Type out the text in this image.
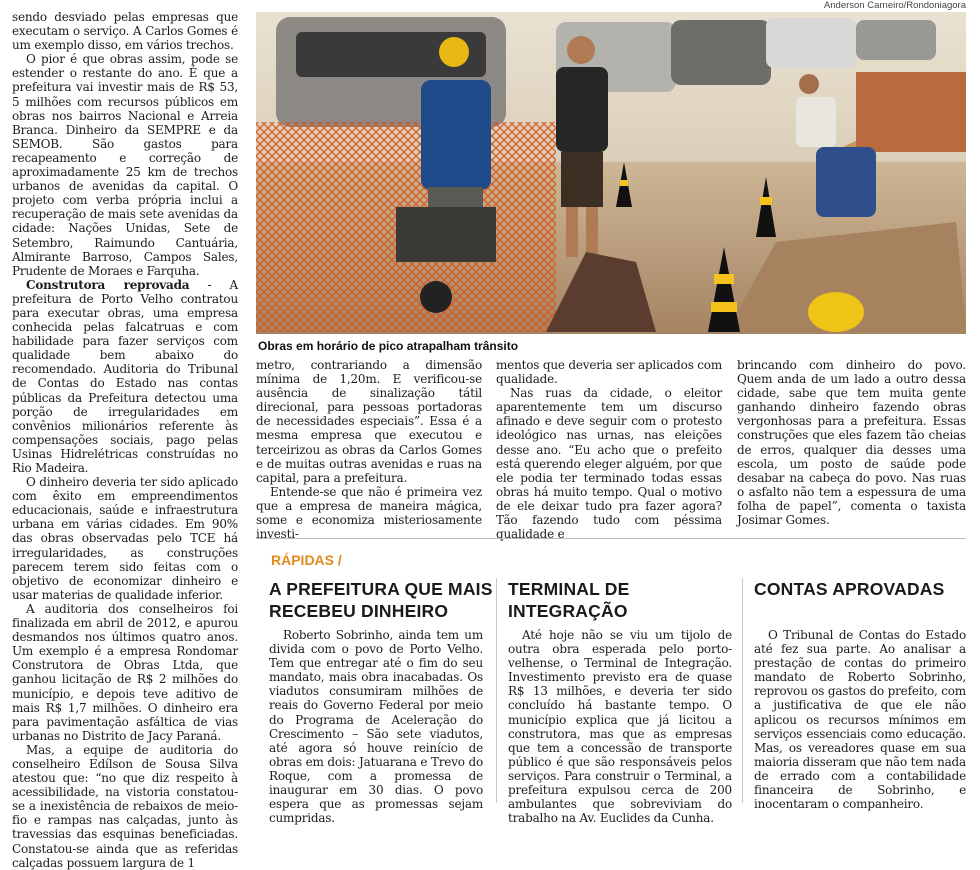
sendo desviado pelas empresas que executam o serviço. A Carlos Gomes é um exemplo disso, em vários trechos.

O pior é que obras assim, pode se estender o restante do ano. É que a prefeitura vai investir mais de R$ 53, 5 milhões com recursos públicos em obras nos bairros Nacional e Arreia Branca. Dinheiro da SEMPRE e da SEMOB. São gastos para recapeamento e correção de aproximadamente 25 km de trechos urbanos de avenidas da capital. O projeto com verba própria inclui a recuperação de mais sete avenidas da cidade: Nações Unidas, Sete de Setembro, Raimundo Cantuária, Almirante Barroso, Campos Sales, Prudente de Moraes e Farquha.

Construtora reprovada - A prefeitura de Porto Velho contratou para executar obras, uma empresa conhecida pelas falcatruas e com habilidade para fazer serviços com qualidade bem abaixo do recomendado. Auditoria do Tribunal de Contas do Estado nas contas públicas da Prefeitura detectou uma porção de irregularidades em convênios milionários referente às compensações sociais, pago pelas Usinas Hidrelétricas construídas no Rio Madeira.

O dinheiro deveria ter sido aplicado com êxito em empreendimentos educacionais, saúde e infraestrutura urbana em várias cidades. Em 90% das obras observadas pelo TCE há irregularidades, as construções parecem terem sido feitas com o objetivo de economizar dinheiro e usar materias de qualidade inferior.

A auditoria dos conselheiros foi finalizada em abril de 2012, e apurou desmandos nos últimos quatro anos. Um exemplo é a empresa Rondomar Construtora de Obras Ltda, que ganhou licitação de R$ 2 milhões do município, e depois teve aditivo de mais R$ 1,7 milhões. O dinheiro era para pavimentação asfáltica de vias urbanas no Distrito de Jacy Paraná.

Mas, a equipe de auditoria do conselheiro Edílson de Sousa Silva atestou que: “no que diz respeito à acessibilidade, na vistoria constatou-se a inexistência de rebaixos de meio-fio e rampas nas calçadas, junto às travessias das esquinas beneficiadas. Constatou-se ainda que as referidas calçadas possuem largura de 1

Anderson Carneiro/Rondoniagora
Obras em horário de pico atrapalham trânsito

metro, contrariando a dimensão mínima de 1,20m. E verificou-se ausência de sinalização tátil direcional, para pessoas portadoras de necessidades especiais”. Essa é a mesma empresa que executou e terceirizou as obras da Carlos Gomes e de muitas outras avenidas e ruas na capital, para a prefeitura.

Entende-se que não é primeira vez que a empresa de maneira mágica, some e economiza misteriosamente investi-

mentos que deveria ser aplicados com qualidade.

Nas ruas da cidade, o eleitor aparentemente tem um discurso afinado e deve seguir com o protesto ideológico nas urnas, nas eleições desse ano. “Eu acho que o prefeito está querendo eleger alguém, por que ele podia ter terminado todas essas obras há muito tempo. Qual o motivo de ele deixar tudo pra fazer agora? Tão fazendo tudo com péssima qualidade e

brincando com dinheiro do povo. Quem anda de um lado a outro dessa cidade, sabe que tem muita gente ganhando dinheiro fazendo obras vergonhosas para a prefeitura. Essas construções que eles fazem tão cheias de erros, qualquer dia desses uma escola, um posto de saúde pode desabar na cabeça do povo. Nas ruas o asfalto não tem a espessura de uma folha de papel”, comenta o taxista Josimar Gomes.

RÁPIDAS /
A PREFEITURA QUE MAIS RECEBEU DINHEIRO

Roberto Sobrinho, ainda tem um divida com o povo de Porto Velho. Tem que entregar até o fim do seu mandato, mais obra inacabadas. Os viadutos consumiram milhões de reais do Governo Federal por meio do Programa de Aceleração do Crescimento – São sete viadutos, até agora só houve reinício de obras em dois: Jatuarana e Trevo do Roque, com a promessa de inaugurar em 30 dias. O povo espera que as promessas sejam cumpridas.

TERMINAL DE INTEGRAÇÃO

Até hoje não se viu um tijolo de outra obra esperada pelo porto-velhense, o Terminal de Integração. Investimento previsto era de quase R$ 13 milhões, e deveria ter sido concluído há bastante tempo. O município explica que já licitou a construtora, mas que as empresas que tem a concessão de transporte público é que são responsáveis pelos serviços. Para construir o Terminal, a prefeitura expulsou cerca de 200 ambulantes que sobreviviam do trabalho na Av. Euclides da Cunha.

CONTAS APROVADAS

O Tribunal de Contas do Estado até fez sua parte. Ao analisar a prestação de contas do primeiro mandato de Roberto Sobrinho, reprovou os gastos do prefeito, com a justificativa de que ele não aplicou os recursos mínimos em serviços essenciais como educação. Mas, os vereadores quase em sua maioria disseram que não tem nada de errado com a contabilidade financeira de Sobrinho, e inocentaram o companheiro.
